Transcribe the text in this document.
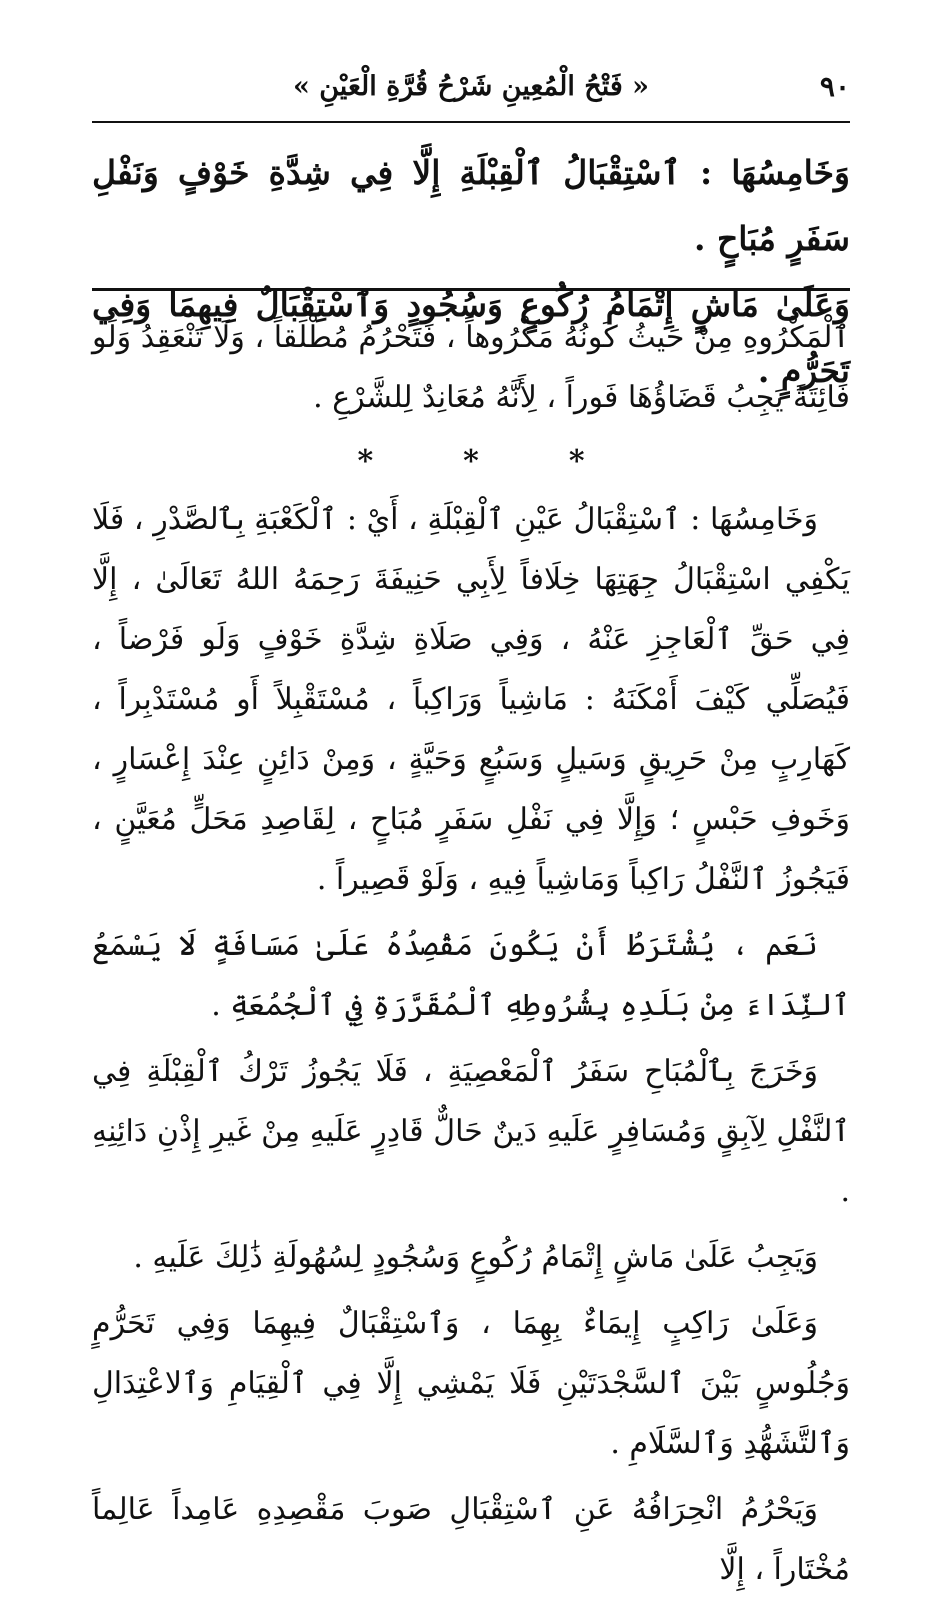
٩٠
« فَتْحُ الْمُعِينِ شَرْحُ قُرَّةِ الْعَيْنِ »

وَخَامِسُهَا : ٱسْتِقْبَالُ ٱلْقِبْلَةِ إِلَّا فِي شِدَّةِ خَوْفٍ وَنَفْلِ سَفَرٍ مُبَاحٍ .

وَعَلَىٰ مَاشٍ إِتْمَامُ رُكُوعٍ وَسُجُودٍ وَٱسْتِقْبَالٌ فِيهِمَا وَفِي تَحَرُّمٍ .

ٱلْمَكْرُوهِ مِنْ حَيثُ كَونُهُ مَكْرُوهاً ، فَتَحْرُمُ مُطْلَقاً ، وَلَا تَنْعَقِدُ وَلَو فَائِتَةً يَجِبُ قَضَاؤُهَا فَوراً ، لِأَنَّهُ مُعَانِدٌ لِلشَّرْعِ .

*
*
*

وَخَامِسُهَا : ٱسْتِقْبَالُ عَيْنِ ٱلْقِبْلَةِ ، أَيْ : ٱلْكَعْبَةِ بِٱلصَّدْرِ ، فَلَا يَكْفِي اسْتِقْبَالُ جِهَتِهَا خِلَافاً لِأَبِي حَنِيفَةَ رَحِمَهُ اللهُ تَعَالَىٰ ، إِلَّا فِي حَقِّ ٱلْعَاجِزِ عَنْهُ ، وَفِي صَلَاةِ شِدَّةِ خَوْفٍ وَلَو فَرْضاً ، فَيُصَلِّي كَيْفَ أَمْكَنَهُ : مَاشِياً وَرَاكِباً ، مُسْتَقْبِلاً أَو مُسْتَدْبِراً ، كَهَارِبٍ مِنْ حَرِيقٍ وَسَيلٍ وَسَبُعٍ وَحَيَّةٍ ، وَمِنْ دَائِنٍ عِنْدَ إِعْسَارٍ ، وَخَوفِ حَبْسٍ ؛ وَإِلَّا فِي نَفْلِ سَفَرٍ مُبَاحٍ ، لِقَاصِدِ مَحَلٍّ مُعَيَّنٍ ، فَيَجُوزُ ٱلنَّفْلُ رَاكِباً وَمَاشِياً فِيهِ ، وَلَوْ قَصِيراً .

نَعَم ، يُشْتَرَطُ أَنْ يَكُونَ مَقْصِدُهُ عَلَىٰ مَسَافَةٍ لَا يَسْمَعُ ٱلنِّدَاءَ مِنْ بَلَدِهِ بِشُرُوطِهِ ٱلْمُقَرَّرَةِ فِي ٱلْجُمُعَةِ .

وَخَرَجَ بِٱلْمُبَاحِ سَفَرُ ٱلْمَعْصِيَةِ ، فَلَا يَجُوزُ تَرْكُ ٱلْقِبْلَةِ فِي ٱلنَّفْلِ لِآبِقٍ وَمُسَافِرٍ عَلَيهِ دَينٌ حَالٌّ قَادِرٍ عَلَيهِ مِنْ غَيرِ إِذْنِ دَائِنِهِ .

وَيَجِبُ عَلَىٰ مَاشٍ إِتْمَامُ رُكُوعٍ وَسُجُودٍ لِسُهُولَةِ ذَٰلِكَ عَلَيهِ .

وَعَلَىٰ رَاكِبٍ إِيمَاءٌ بِهِمَا ، وَٱسْتِقْبَالٌ فِيهِمَا وَفِي تَحَرُّمٍ وَجُلُوسٍ بَيْنَ ٱلسَّجْدَتَيْنِ فَلَا يَمْشِي إِلَّا فِي ٱلْقِيَامِ وَٱلاعْتِدَالِ وَٱلتَّشَهُّدِ وَٱلسَّلَامِ .

وَيَحْرُمُ انْحِرَافُهُ عَنِ ٱسْتِقْبَالِ صَوبَ مَقْصِدِهِ عَامِداً عَالِماً مُخْتَاراً ، إِلَّا
